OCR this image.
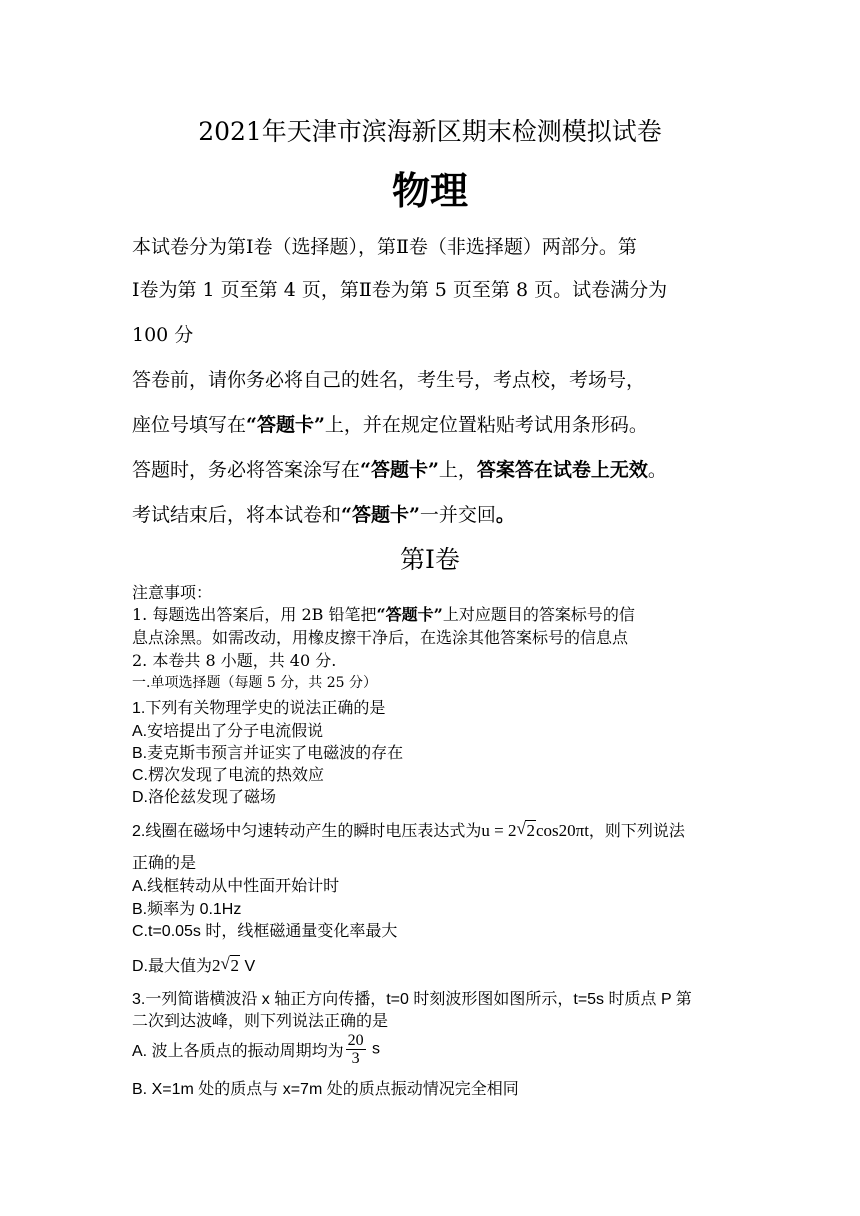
2021年天津市滨海新区期末检测模拟试卷
物理
本试卷分为第Ⅰ卷（选择题），第Ⅱ卷（非选择题）两部分。第
Ⅰ卷为第 1 页至第 4 页，第Ⅱ卷为第 5 页至第 8 页。试卷满分为
100 分
答卷前，请你务必将自己的姓名，考生号，考点校，考场号，
座位号填写在“答题卡”上，并在规定位置粘贴考试用条形码。
答题时，务必将答案涂写在“答题卡”上，答案答在试卷上无效。
考试结束后，将本试卷和“答题卡”一并交回。
第Ⅰ卷
注意事项：
1. 每题选出答案后，用 2B 铅笔把“答题卡”上对应题目的答案标号的信
息点涂黑。如需改动，用橡皮擦干净后，在选涂其他答案标号的信息点
2. 本卷共 8 小题，共 40 分.
一.单项选择题（每题 5 分，共 25 分）
1.下列有关物理学史的说法正确的是
A.安培提出了分子电流假说
B.麦克斯韦预言并证实了电磁波的存在
C.楞次发现了电流的热效应
D.洛伦兹发现了磁场
2.线圈在磁场中匀速转动产生的瞬时电压表达式为u = 2 √ 2cos20πt，则下列说法
正确的是
A.线框转动从中性面开始计时
B.频率为 0.1Hz
C.t=0.05s 时，线框磁通量变化率最大
D.最大值为2 √ 2 V
3.一列简谐横波沿 x 轴正方向传播，t=0 时刻波形图如图所示，t=5s 时质点 P 第
二次到达波峰，则下列说法正确的是
A. 波上各质点的振动周期均为 $\frac{20}{3}$ s
B. X=1m 处的质点与 x=7m 处的质点振动情况完全相同
